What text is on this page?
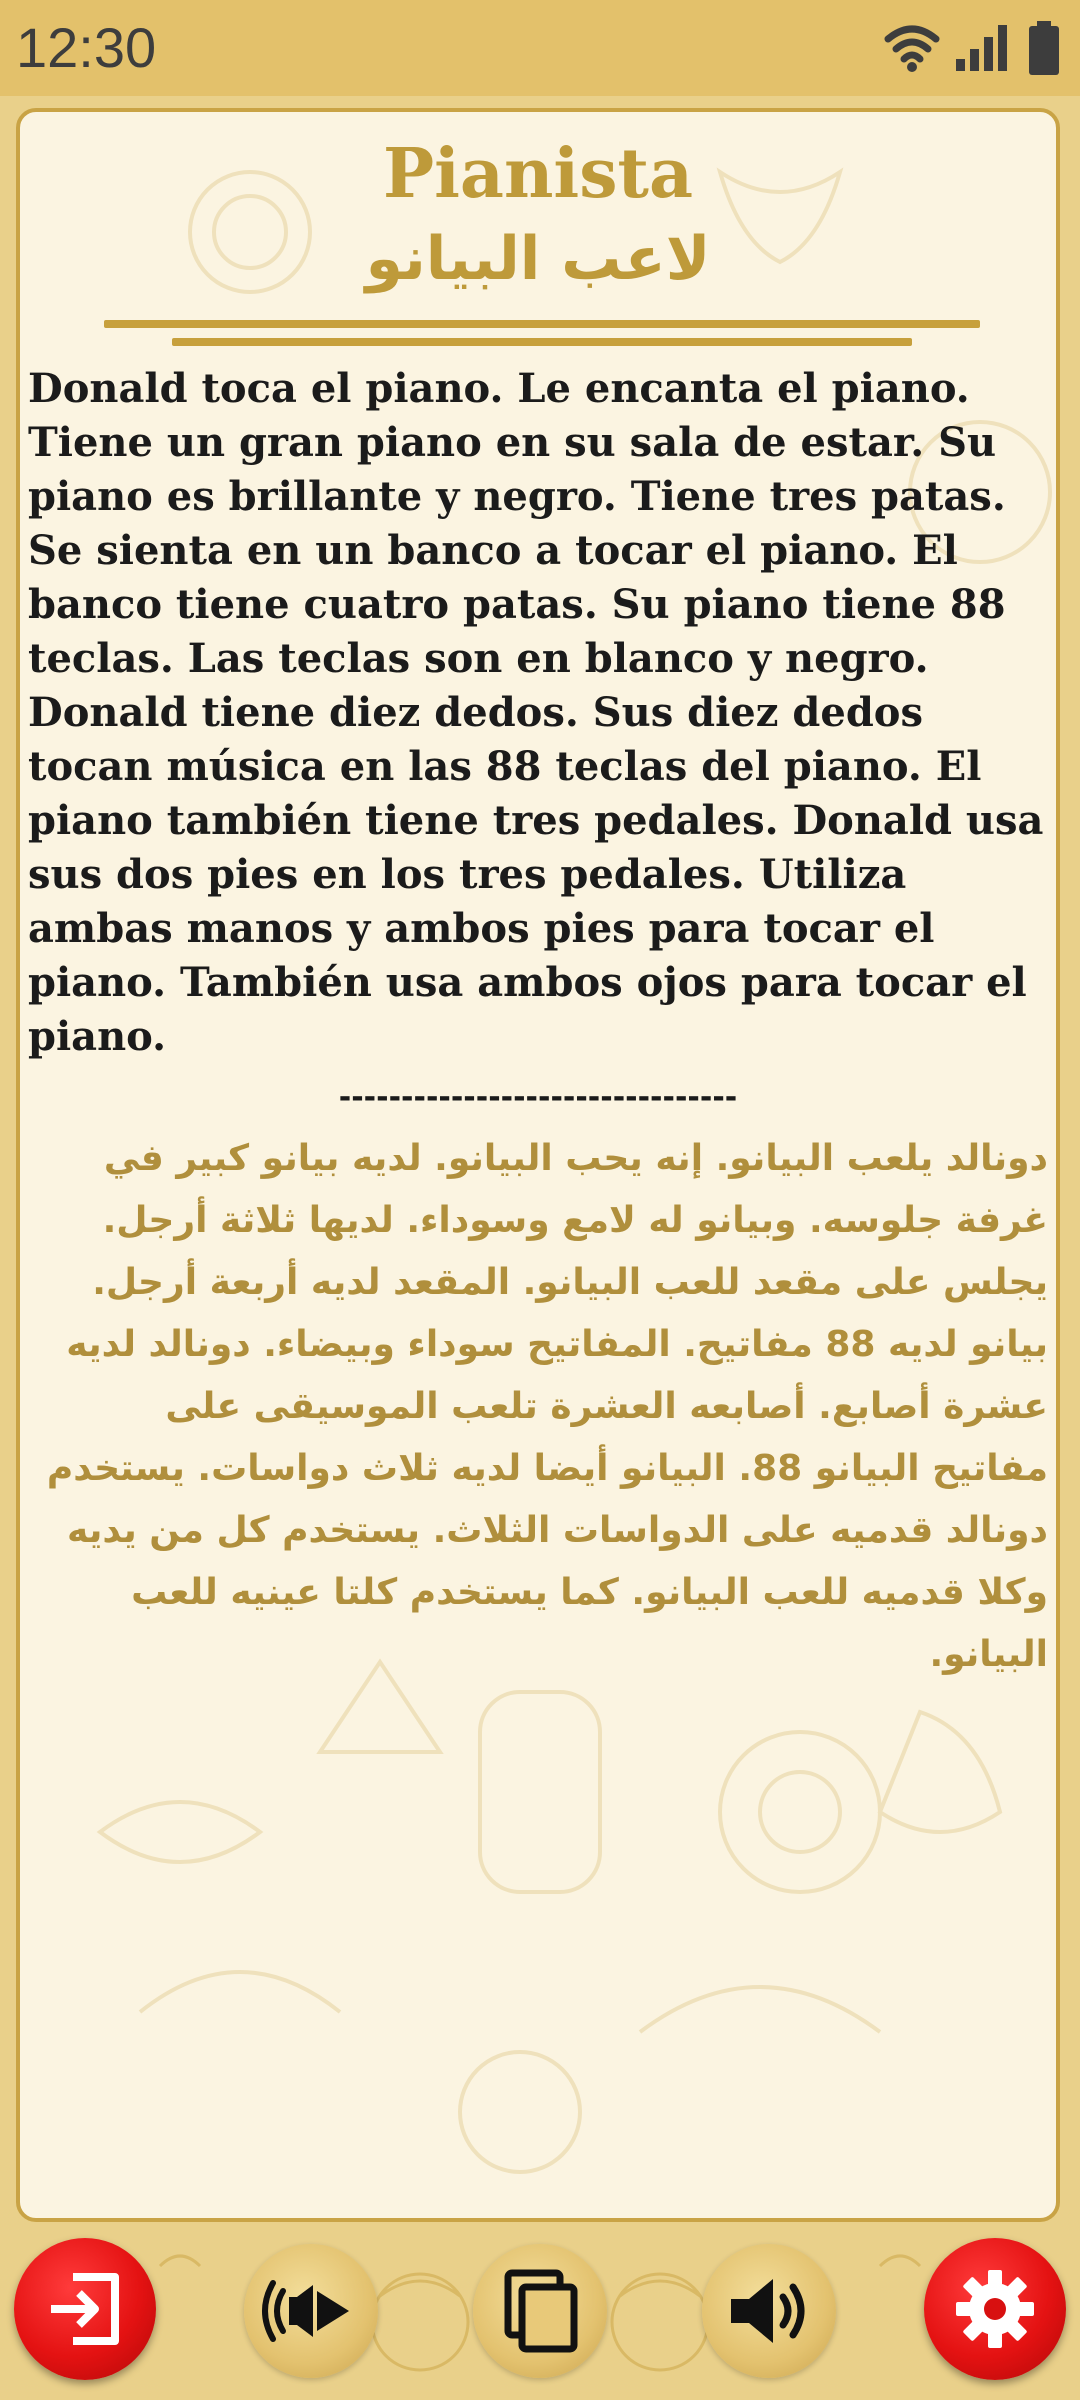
12:30
Pianista
لاعب البيانو

Donald toca el piano. Le encanta el piano. Tiene un gran piano en su sala de estar. Su piano es brillante y negro. Tiene tres patas. Se sienta en un banco a tocar el piano. El banco tiene cuatro patas. Su piano tiene 88 teclas. Las teclas son en blanco y negro. Donald tiene diez dedos. Sus diez dedos tocan música en las 88 teclas del piano. El piano también tiene tres pedales. Donald usa sus dos pies en los tres pedales. Utiliza ambas manos y ambos pies para tocar el piano. También usa ambos ojos para tocar el piano.

--------------------------------

دونالد يلعب البيانو. إنه يحب البيانو. لديه بيانو كبير في غرفة جلوسه. وبيانو له لامع وسوداء. لديها ثلاثة أرجل. يجلس على مقعد للعب البيانو. المقعد لديه أربعة أرجل. بيانو لديه 88 مفاتيح. المفاتيح سوداء وبيضاء. دونالد لديه عشرة أصابع. أصابعه العشرة تلعب الموسيقى على مفاتيح البيانو 88. البيانو أيضا لديه ثلاث دواسات. يستخدم دونالد قدميه على الدواسات الثلاث. يستخدم كل من يديه وكلا قدميه للعب البيانو. كما يستخدم كلتا عينيه للعب البيانو.
